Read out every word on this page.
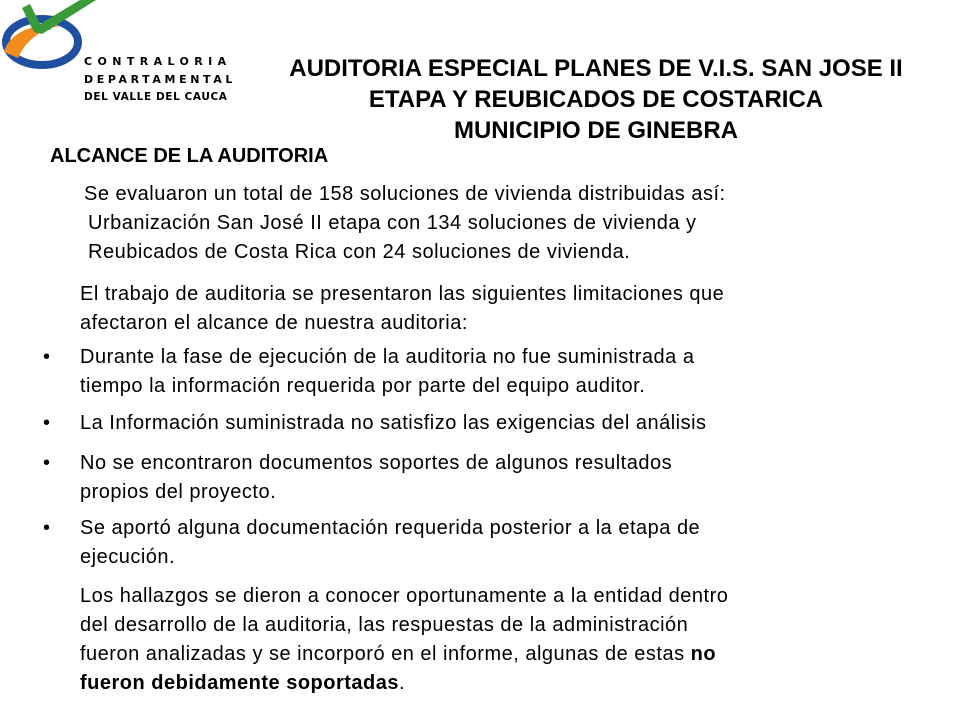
CONTRALORIA
DEPARTAMENTAL
DEL VALLE DEL CAUCA
AUDITORIA ESPECIAL PLANES DE V.I.S. SAN JOSE II
ETAPA Y REUBICADOS DE COSTARICA
MUNICIPIO DE GINEBRA
ALCANCE DE LA AUDITORIA
Se evaluaron un total de 158 soluciones de vivienda distribuidas así:
Urbanización San José II etapa con 134 soluciones de vivienda y
Reubicados de Costa Rica con 24 soluciones de vivienda.
El trabajo de auditoria se presentaron las siguientes limitaciones que
afectaron el alcance de nuestra auditoria:
• Durante la fase de ejecución de la auditoria no fue suministrada a
tiempo la información requerida por parte del equipo auditor.
• La Información suministrada no satisfizo las exigencias del análisis
• No se encontraron documentos soportes de algunos resultados
propios del proyecto.
• Se aportó alguna documentación requerida posterior a la etapa de
ejecución.
Los hallazgos se dieron a conocer oportunamente a la entidad dentro
del desarrollo de la auditoria, las respuestas de la administración
fueron analizadas y se incorporó en el informe, algunas de estas no
fueron debidamente soportadas.
